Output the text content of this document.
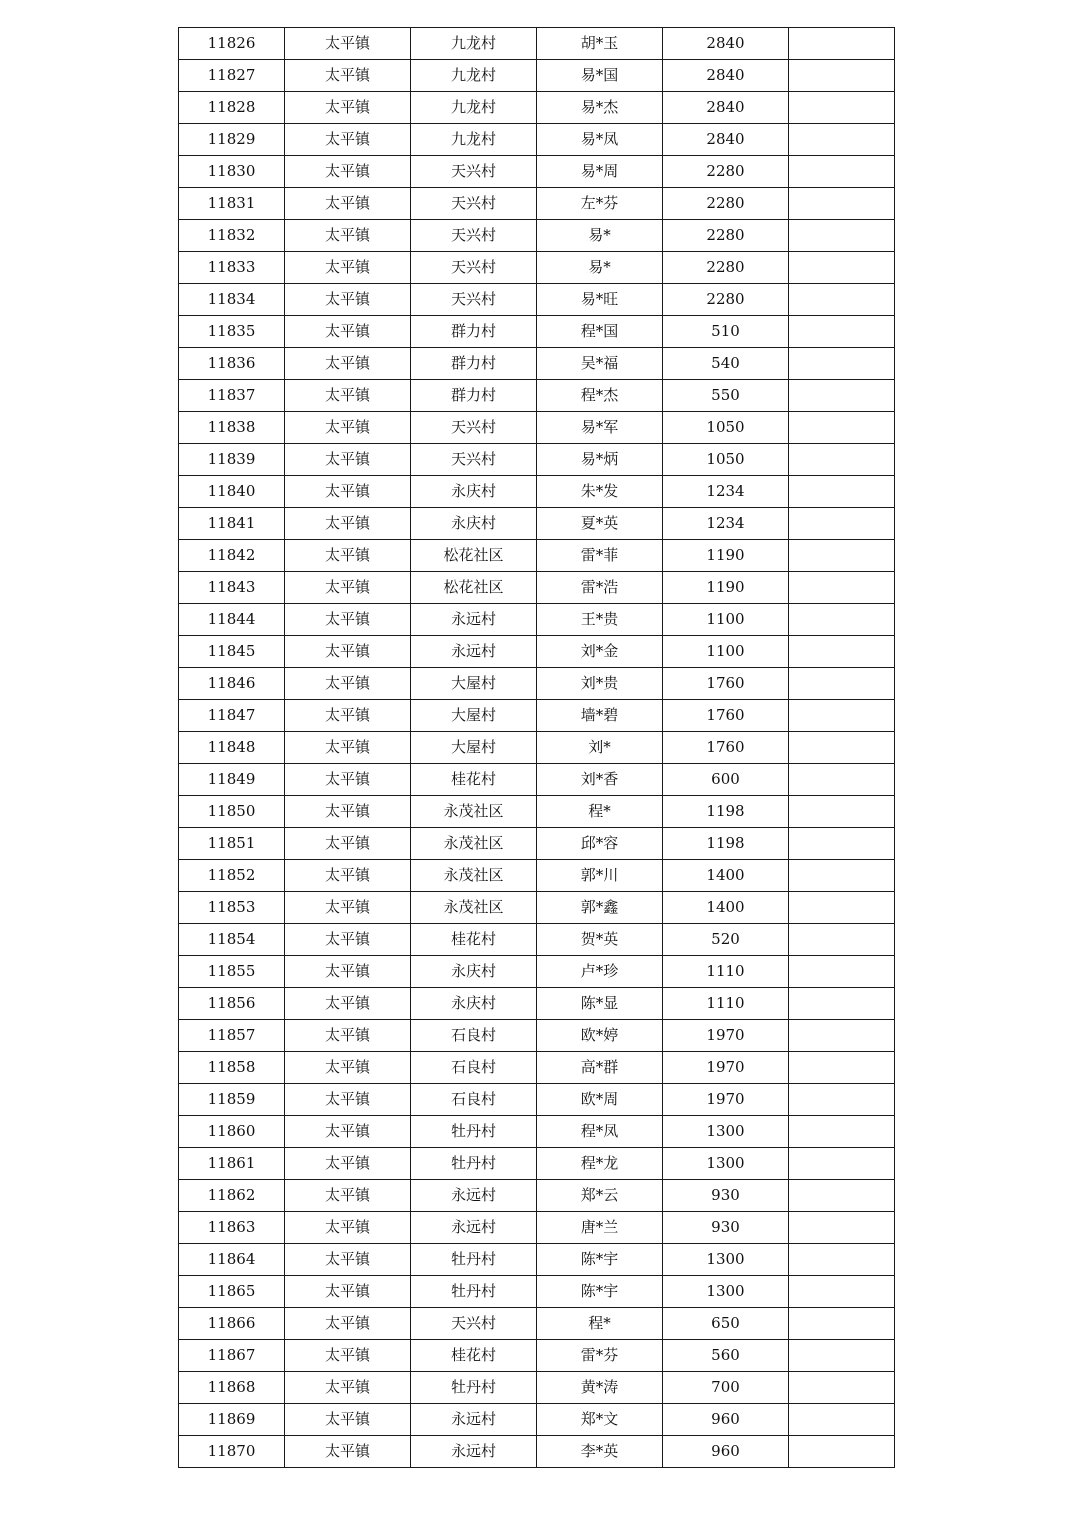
11826	太平镇	九龙村	胡*玉	2840	
11827	太平镇	九龙村	易*国	2840	
11828	太平镇	九龙村	易*杰	2840	
11829	太平镇	九龙村	易*凤	2840	
11830	太平镇	天兴村	易*周	2280	
11831	太平镇	天兴村	左*芬	2280	
11832	太平镇	天兴村	易*	2280	
11833	太平镇	天兴村	易*	2280	
11834	太平镇	天兴村	易*旺	2280	
11835	太平镇	群力村	程*国	510	
11836	太平镇	群力村	吴*福	540	
11837	太平镇	群力村	程*杰	550	
11838	太平镇	天兴村	易*军	1050	
11839	太平镇	天兴村	易*炳	1050	
11840	太平镇	永庆村	朱*发	1234	
11841	太平镇	永庆村	夏*英	1234	
11842	太平镇	松花社区	雷*菲	1190	
11843	太平镇	松花社区	雷*浩	1190	
11844	太平镇	永远村	王*贵	1100	
11845	太平镇	永远村	刘*金	1100	
11846	太平镇	大屋村	刘*贵	1760	
11847	太平镇	大屋村	墙*碧	1760	
11848	太平镇	大屋村	刘*	1760	
11849	太平镇	桂花村	刘*香	600	
11850	太平镇	永茂社区	程*	1198	
11851	太平镇	永茂社区	邱*容	1198	
11852	太平镇	永茂社区	郭*川	1400	
11853	太平镇	永茂社区	郭*鑫	1400	
11854	太平镇	桂花村	贺*英	520	
11855	太平镇	永庆村	卢*珍	1110	
11856	太平镇	永庆村	陈*显	1110	
11857	太平镇	石良村	欧*婷	1970	
11858	太平镇	石良村	高*群	1970	
11859	太平镇	石良村	欧*周	1970	
11860	太平镇	牡丹村	程*凤	1300	
11861	太平镇	牡丹村	程*龙	1300	
11862	太平镇	永远村	郑*云	930	
11863	太平镇	永远村	唐*兰	930	
11864	太平镇	牡丹村	陈*宇	1300	
11865	太平镇	牡丹村	陈*宇	1300	
11866	太平镇	天兴村	程*	650	
11867	太平镇	桂花村	雷*芬	560	
11868	太平镇	牡丹村	黄*涛	700	
11869	太平镇	永远村	郑*文	960	
11870	太平镇	永远村	李*英	960	
